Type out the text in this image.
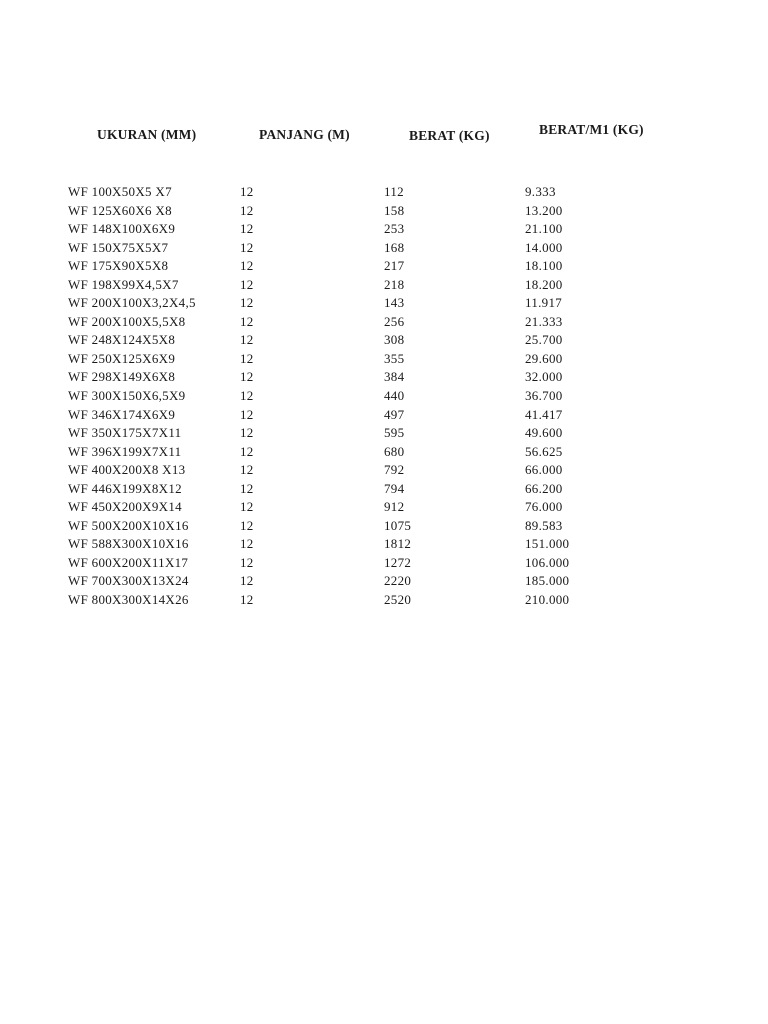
UKURAN (MM)	PANJANG (M)	BERAT (KG)	BERAT/M1 (KG)
WF 100X50X5 X7	12	112	9.333
WF 125X60X6 X8	12	158	13.200
WF 148X100X6X9	12	253	21.100
WF 150X75X5X7	12	168	14.000
WF 175X90X5X8	12	217	18.100
WF 198X99X4,5X7	12	218	18.200
WF 200X100X3,2X4,5	12	143	11.917
WF 200X100X5,5X8	12	256	21.333
WF 248X124X5X8	12	308	25.700
WF 250X125X6X9	12	355	29.600
WF 298X149X6X8	12	384	32.000
WF 300X150X6,5X9	12	440	36.700
WF 346X174X6X9	12	497	41.417
WF 350X175X7X11	12	595	49.600
WF 396X199X7X11	12	680	56.625
WF 400X200X8 X13	12	792	66.000
WF 446X199X8X12	12	794	66.200
WF 450X200X9X14	12	912	76.000
WF 500X200X10X16	12	1075	89.583
WF 588X300X10X16	12	1812	151.000
WF 600X200X11X17	12	1272	106.000
WF 700X300X13X24	12	2220	185.000
WF 800X300X14X26	12	2520	210.000
